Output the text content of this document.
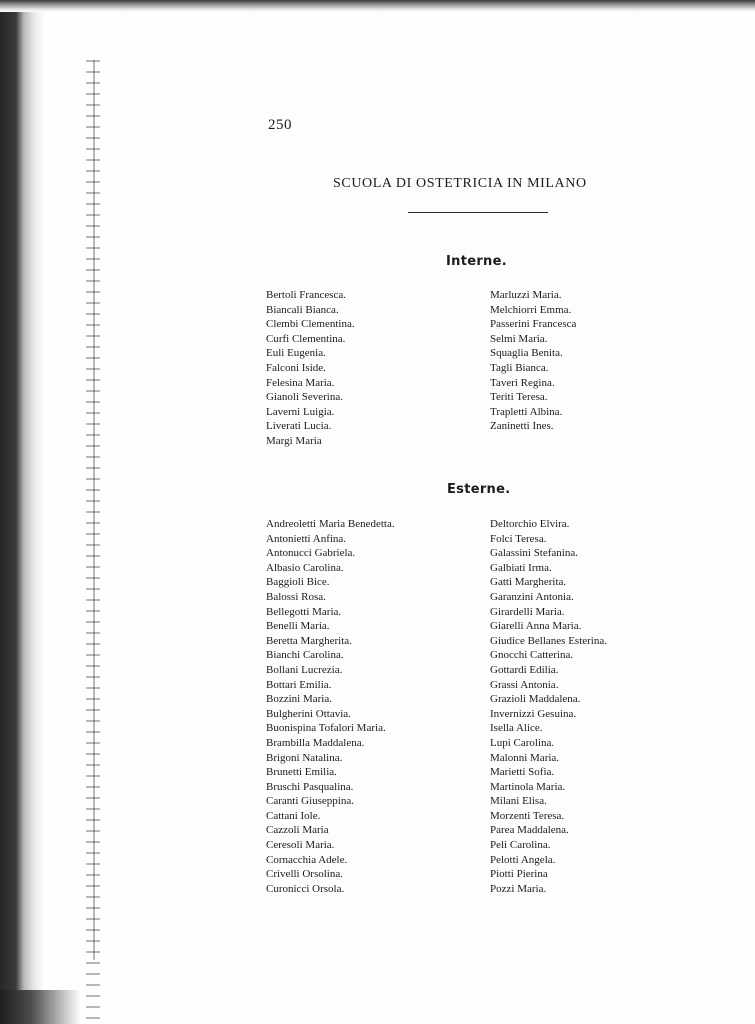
250
SCUOLA DI OSTETRICIA IN MILANO
Interne.
Bertoli Francesca.
Biancali Bianca.
Clembi Clementina.
Curfi Clementina.
Euli Eugenia.
Falconi Iside.
Felesina Maria.
Gianoli Severina.
Laverni Luigia.
Liverati Lucia.
Margi Maria
Marluzzi Maria.
Melchiorri Emma.
Passerini Francesca
Selmi Maria.
Squaglia Benita.
Tagli Bianca.
Taveri Regina.
Teriti Teresa.
Trapletti Albina.
Zaninetti Ines.
Esterne.
Andreoletti Maria Benedetta.
Antonietti Anfina.
Antonucci Gabriela.
Albasio Carolina.
Baggioli Bice.
Balossi Rosa.
Bellegotti Maria.
Benelli Maria.
Beretta Margherita.
Bianchi Carolina.
Bollani Lucrezia.
Bottari Emilia.
Bozzini Maria.
Bulgherini Ottavia.
Buonispina Tofalori Maria.
Brambilla Maddalena.
Brigoni Natalina.
Brunetti Emilia.
Bruschi Pasqualina.
Caranti Giuseppina.
Cattani Iole.
Cazzoli Maria
Ceresoli Maria.
Cornacchia Adele.
Crivelli Orsolina.
Curonicci Orsola.
Deltorchio Elvira.
Folci Teresa.
Galassini Stefanina.
Galbiati Irma.
Gatti Margherita.
Garanzini Antonia.
Girardelli Maria.
Giarelli Anna Maria.
Giudice Bellanes Esterina.
Gnocchi Catterina.
Gottardi Edilia.
Grassi Antonia.
Grazioli Maddalena.
Invernizzi Gesuina.
Isella Alice.
Lupi Carolina.
Malonni Maria.
Marietti Sofia.
Martinola Maria.
Milani Elisa.
Morzenti Teresa.
Parea Maddalena.
Peli Carolina.
Pelotti Angela.
Piotti Pierina
Pozzi Maria.
